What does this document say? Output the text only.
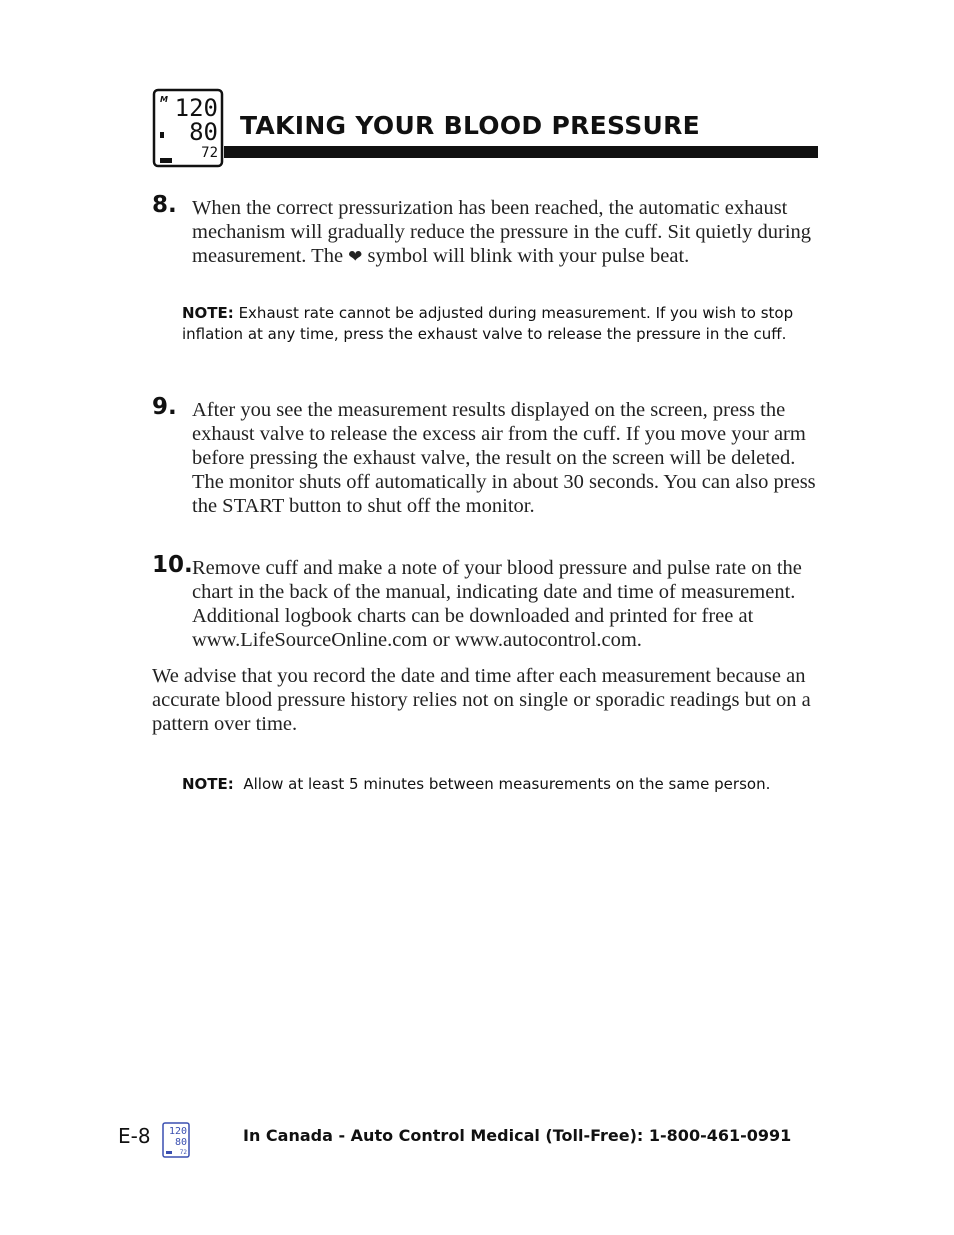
M 120
80
72
TAKING YOUR BLOOD PRESSURE
8. When the correct pressurization has been reached, the automatic exhaust mechanism will gradually reduce the pressure in the cuff. Sit quietly during measurement. The ❤ symbol will blink with your pulse beat.
NOTE: Exhaust rate cannot be adjusted during measurement. If you wish to stop inflation at any time, press the exhaust valve to release the pressure in the cuff.
9. After you see the measurement results displayed on the screen, press the exhaust valve to release the excess air from the cuff. If you move your arm before pressing the exhaust valve, the result on the screen will be deleted. The monitor shuts off automatically in about 30 seconds. You can also press the START button to shut off the monitor.
10. Remove cuff and make a note of your blood pressure and pulse rate on the chart in the back of the manual, indicating date and time of measurement. Additional logbook charts can be downloaded and printed for free at www.LifeSourceOnline.com or www.autocontrol.com.
We advise that you record the date and time after each measurement because an accurate blood pressure history relies not on single or sporadic readings but on a pattern over time.
NOTE: Allow at least 5 minutes between measurements on the same person.
E-8 120
80
72
In Canada - Auto Control Medical (Toll-Free): 1-800-461-0991
